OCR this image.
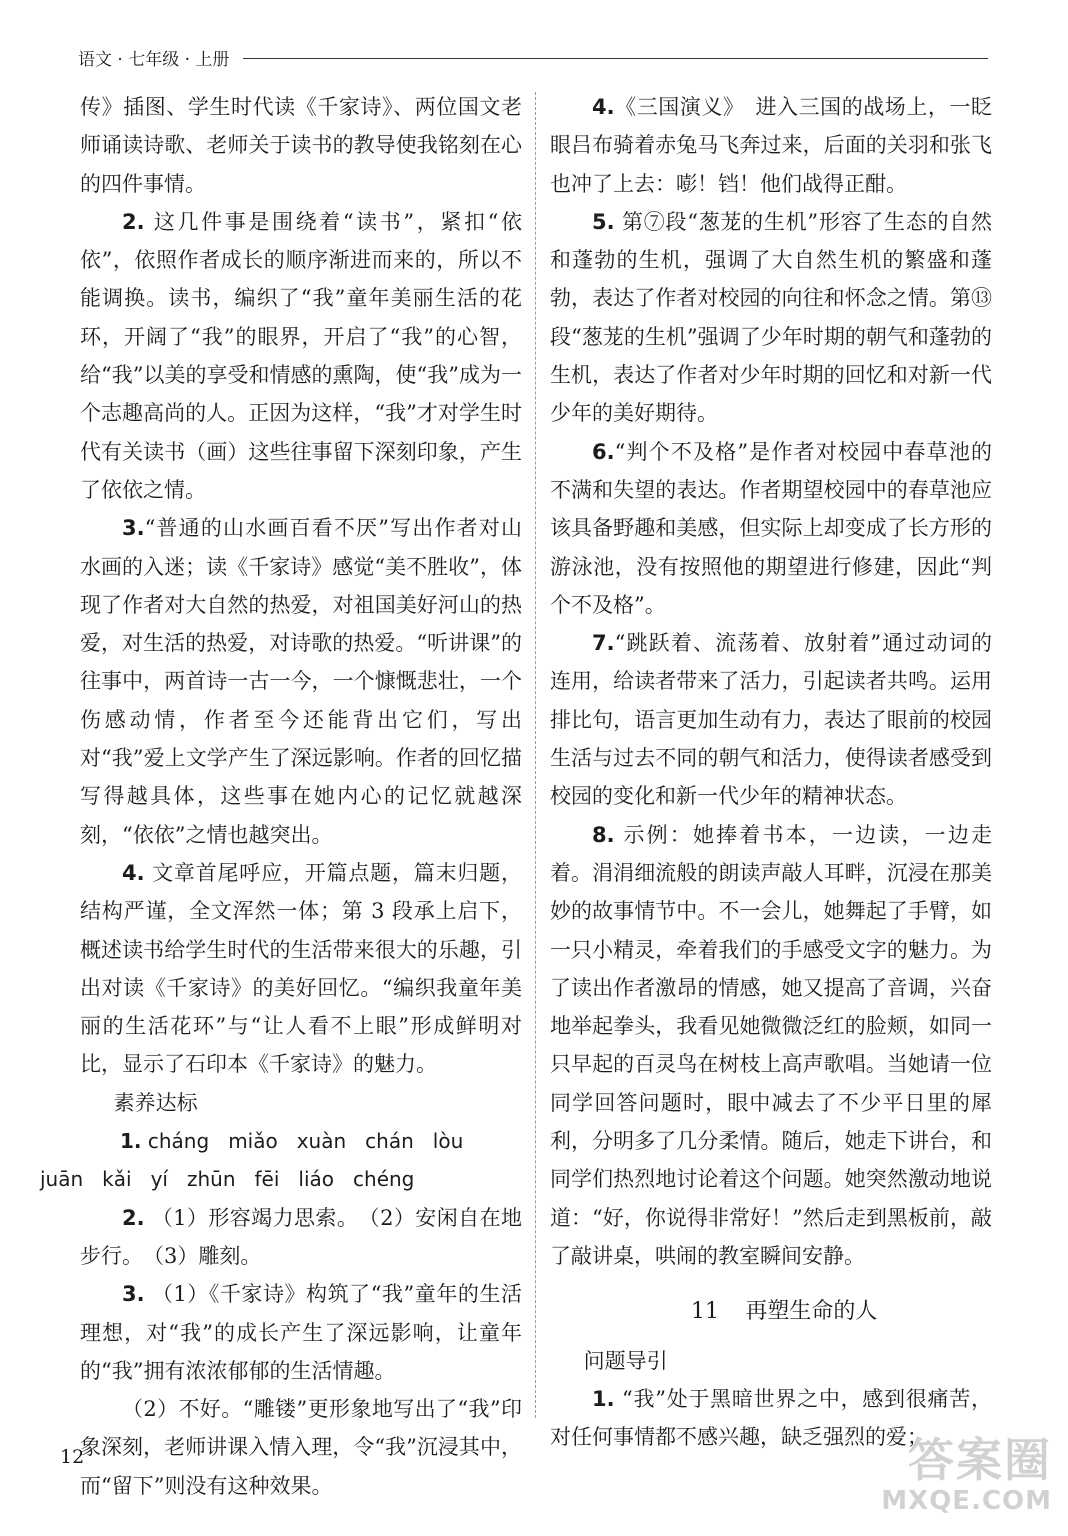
语文 · 七年级 · 上册

传》插图、学生时代读《千家诗》、两位国文老师诵读诗歌、老师关于读书的教导使我铭刻在心的四件事情。

2. 这几件事是围绕着“读书”，紧扣“依依”，依照作者成长的顺序渐进而来的，所以不能调换。读书，编织了“我”童年美丽生活的花环，开阔了“我”的眼界，开启了“我”的心智，给“我”以美的享受和情感的熏陶，使“我”成为一个志趣高尚的人。正因为这样，“我”才对学生时代有关读书（画）这些往事留下深刻印象，产生了依依之情。

3.“普通的山水画百看不厌”写出作者对山水画的入迷；读《千家诗》感觉“美不胜收”，体现了作者对大自然的热爱，对祖国美好河山的热爱，对生活的热爱，对诗歌的热爱。“听讲课”的往事中，两首诗一古一今，一个慷慨悲壮，一个伤感动情，作者至今还能背出它们，写出对“我”爱上文学产生了深远影响。作者的回忆描写得越具体，这些事在她内心的记忆就越深刻，“依依”之情也越突出。

4. 文章首尾呼应，开篇点题，篇末归题，结构严谨，全文浑然一体；第 3 段承上启下，概述读书给学生时代的生活带来很大的乐趣，引出对读《千家诗》的美好回忆。“编织我童年美丽的生活花环”与“让人看不上眼”形成鲜明对比，显示了石印本《千家诗》的魅力。

素养达标

1. cháng miǎo xuàn chán lòu
juān kǎi yí zhūn fēi liáo chéng

2. （1）形容竭力思索。　（2）安闲自在地步行。　（3）雕刻。

3. （1）《千家诗》构筑了“我”童年的生活理想，对“我”的成长产生了深远影响，让童年的“我”拥有浓浓郁郁的生活情趣。

（2）不好。“雕镂”更形象地写出了“我”印象深刻，老师讲课入情入理，令“我”沉浸其中，而“留下”则没有这种效果。

4.《三国演义》　进入三国的战场上，一眨眼吕布骑着赤兔马飞奔过来，后面的关羽和张飞也冲了上去：嘭！铛！他们战得正酣。

5. 第⑦段“葱茏的生机”形容了生态的自然和蓬勃的生机，强调了大自然生机的繁盛和蓬勃，表达了作者对校园的向往和怀念之情。第⑬段“葱茏的生机”强调了少年时期的朝气和蓬勃的生机，表达了作者对少年时期的回忆和对新一代少年的美好期待。

6.“判个不及格”是作者对校园中春草池的不满和失望的表达。作者期望校园中的春草池应该具备野趣和美感，但实际上却变成了长方形的游泳池，没有按照他的期望进行修建，因此“判个不及格”。

7.“跳跃着、流荡着、放射着”通过动词的连用，给读者带来了活力，引起读者共鸣。运用排比句，语言更加生动有力，表达了眼前的校园生活与过去不同的朝气和活力，使得读者感受到校园的变化和新一代少年的精神状态。

8. 示例：她捧着书本，一边读，一边走着。涓涓细流般的朗读声敲人耳畔，沉浸在那美妙的故事情节中。不一会儿，她舞起了手臂，如一只小精灵，牵着我们的手感受文字的魅力。为了读出作者激昂的情感，她又提高了音调，兴奋地举起拳头，我看见她微微泛红的脸颊，如同一只早起的百灵鸟在树枝上高声歌唱。当她请一位同学回答问题时，眼中减去了不少平日里的犀利，分明多了几分柔情。随后，她走下讲台，和同学们热烈地讨论着这个问题。她突然激动地说道：“好，你说得非常好！”然后走到黑板前，敲了敲讲桌，哄闹的教室瞬间安静。

11 再塑生命的人

问题导引

1. “我”处于黑暗世界之中，感到很痛苦，对任何事情都不感兴趣，缺乏强烈的爱；

12	答案圈
MXQE.COM
